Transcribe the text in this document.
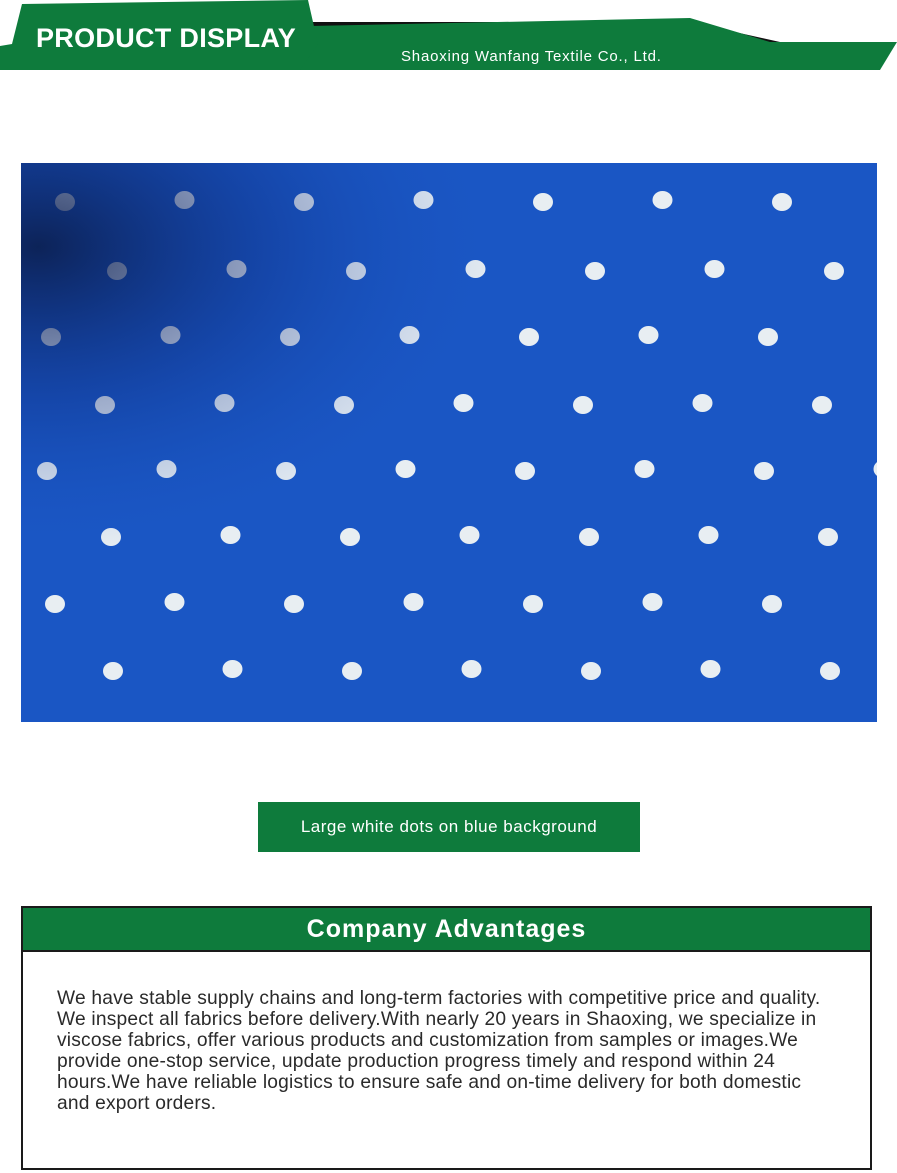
PRODUCT DISPLAY
Shaoxing Wanfang Textile Co., Ltd.
Large white dots on blue background
Company Advantages
We have stable supply chains and long-term factories with competitive price and quality. We inspect all fabrics before delivery.With nearly 20 years in Shaoxing, we specialize in viscose fabrics, offer various products and customization from samples or images.We provide one-stop service, update production progress timely and respond within 24 hours.We have reliable logistics to ensure safe and on-time delivery for both domestic and export orders.
